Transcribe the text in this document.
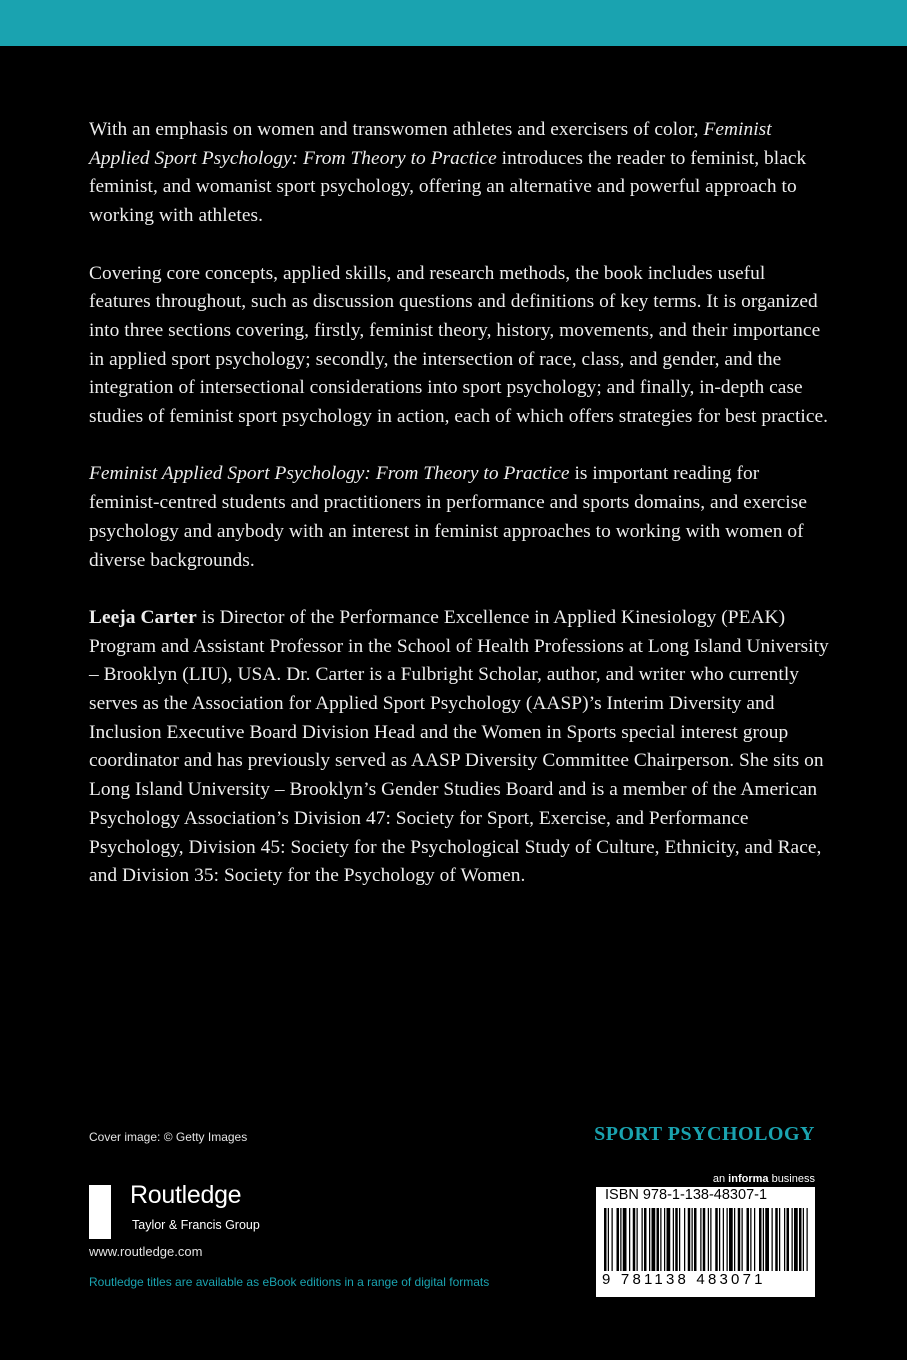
With an emphasis on women and transwomen athletes and exercisers of color, Feminist Applied Sport Psychology: From Theory to Practice introduces the reader to feminist, black feminist, and womanist sport psychology, offering an alternative and powerful approach to working with athletes.

Covering core concepts, applied skills, and research methods, the book includes useful features throughout, such as discussion questions and definitions of key terms. It is organized into three sections covering, firstly, feminist theory, history, movements, and their importance in applied sport psychology; secondly, the intersection of race, class, and gender, and the integration of intersectional considerations into sport psychology; and finally, in-depth case studies of feminist sport psychology in action, each of which offers strategies for best practice.

Feminist Applied Sport Psychology: From Theory to Practice is important reading for feminist-centred students and practitioners in performance and sports domains, and exercise psychology and anybody with an interest in feminist approaches to working with women of diverse backgrounds.

Leeja Carter is Director of the Performance Excellence in Applied Kinesiology (PEAK) Program and Assistant Professor in the School of Health Professions at Long Island University – Brooklyn (LIU), USA. Dr. Carter is a Fulbright Scholar, author, and writer who currently serves as the Association for Applied Sport Psychology (AASP)’s Interim Diversity and Inclusion Executive Board Division Head and the Women in Sports special interest group coordinator and has previously served as AASP Diversity Committee Chairperson. She sits on Long Island University – Brooklyn’s Gender Studies Board and is a member of the American Psychology Association’s Division 47: Society for Sport, Exercise, and Performance Psychology, Division 45: Society for the Psychological Study of Culture, Ethnicity, and Race, and Division 35: Society for the Psychology of Women.

Cover image: © Getty Images
ROUTLEDGE Routledge
Taylor & Francis Group
www.routledge.com
Routledge titles are available as eBook editions in a range of digital formats
SPORT PSYCHOLOGY
an informa business
ISBN 978-1-138-48307-1
9 781138 483071
